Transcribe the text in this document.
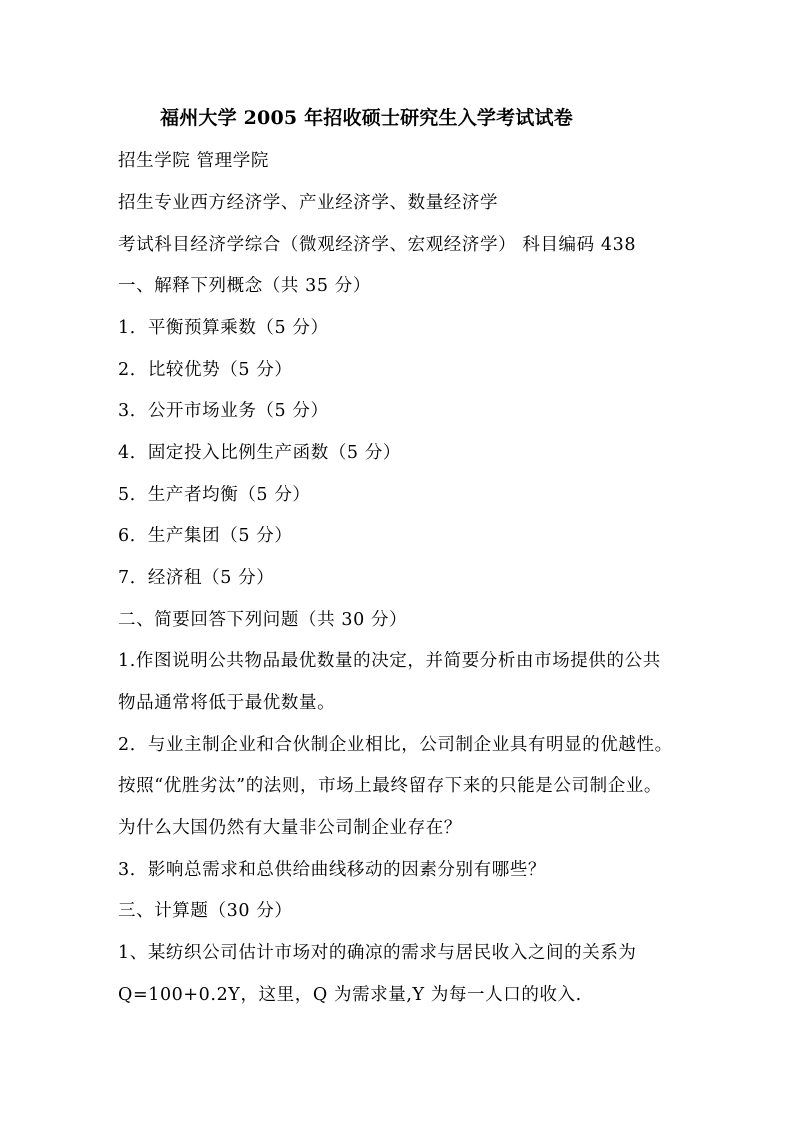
福州大学 2005 年招收硕士研究生入学考试试卷
招生学院 管理学院
招生专业西方经济学、产业经济学、数量经济学
考试科目经济学综合（微观经济学、宏观经济学） 科目编码 438
一、解释下列概念（共 35 分）
1．平衡预算乘数（5 分）
2．比较优势（5 分）
3．公开市场业务（5 分）
4．固定投入比例生产函数（5 分）
5．生产者均衡（5 分）
6．生产集团（5 分）
7．经济租（5 分）
二、简要回答下列问题（共 30 分）
1.作图说明公共物品最优数量的决定，并简要分析由市场提供的公共
物品通常将低于最优数量。
2．与业主制企业和合伙制企业相比，公司制企业具有明显的优越性。
按照“优胜劣汰”的法则，市场上最终留存下来的只能是公司制企业。
为什么大国仍然有大量非公司制企业存在？
3．影响总需求和总供给曲线移动的因素分别有哪些？
三、计算题（30 分）
1、某纺织公司估计市场对的确凉的需求与居民收入之间的关系为
Q=100+0.2Y，这里，Q 为需求量,Y 为每一人口的收入.
